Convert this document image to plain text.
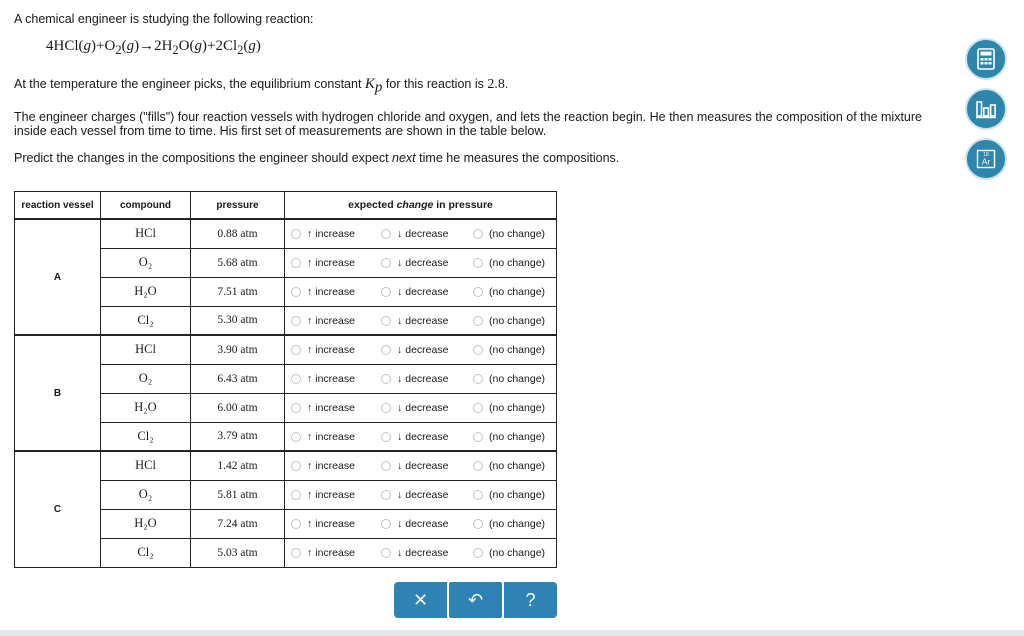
A chemical engineer is studying the following reaction:

$4HCl(g)+O_2(g)\to 2H_2O(g)+2Cl_2(g)$

At the temperature the engineer picks, the equilibrium constant $K_p$ for this reaction is 2.8.

The engineer charges ("fills") four reaction vessels with hydrogen chloride and oxygen, and lets the reaction begin. He then measures the composition of the mixture inside each vessel from time to time. His first set of measurements are shown in the table below.

Predict the changes in the compositions the engineer should expect next time he measures the compositions.

reaction vessel	compound	pressure	expected change in pressure
A	HCl	0.88 atm	↑ increase ↓ decrease (no change)

	O₂	5.68 atm	↑ increase ↓ decrease (no change)

	H₂O	7.51 atm	↑ increase ↓ decrease (no change)

	Cl₂	5.30 atm	↑ increase ↓ decrease (no change)

B	HCl	3.90 atm	↑ increase ↓ decrease (no change)

	O₂	6.43 atm	↑ increase ↓ decrease (no change)

	H₂O	6.00 atm	↑ increase ↓ decrease (no change)

	Cl₂	3.79 atm	↑ increase ↓ decrease (no change)

C	HCl	1.42 atm	↑ increase ↓ decrease (no change)

	O₂	5.81 atm	↑ increase ↓ decrease (no change)

	H₂O	7.24 atm	↑ increase ↓ decrease (no change)

	Cl₂	5.03 atm	↑ increase ↓ decrease (no change)
✕ ↶ ?
18
Ar
